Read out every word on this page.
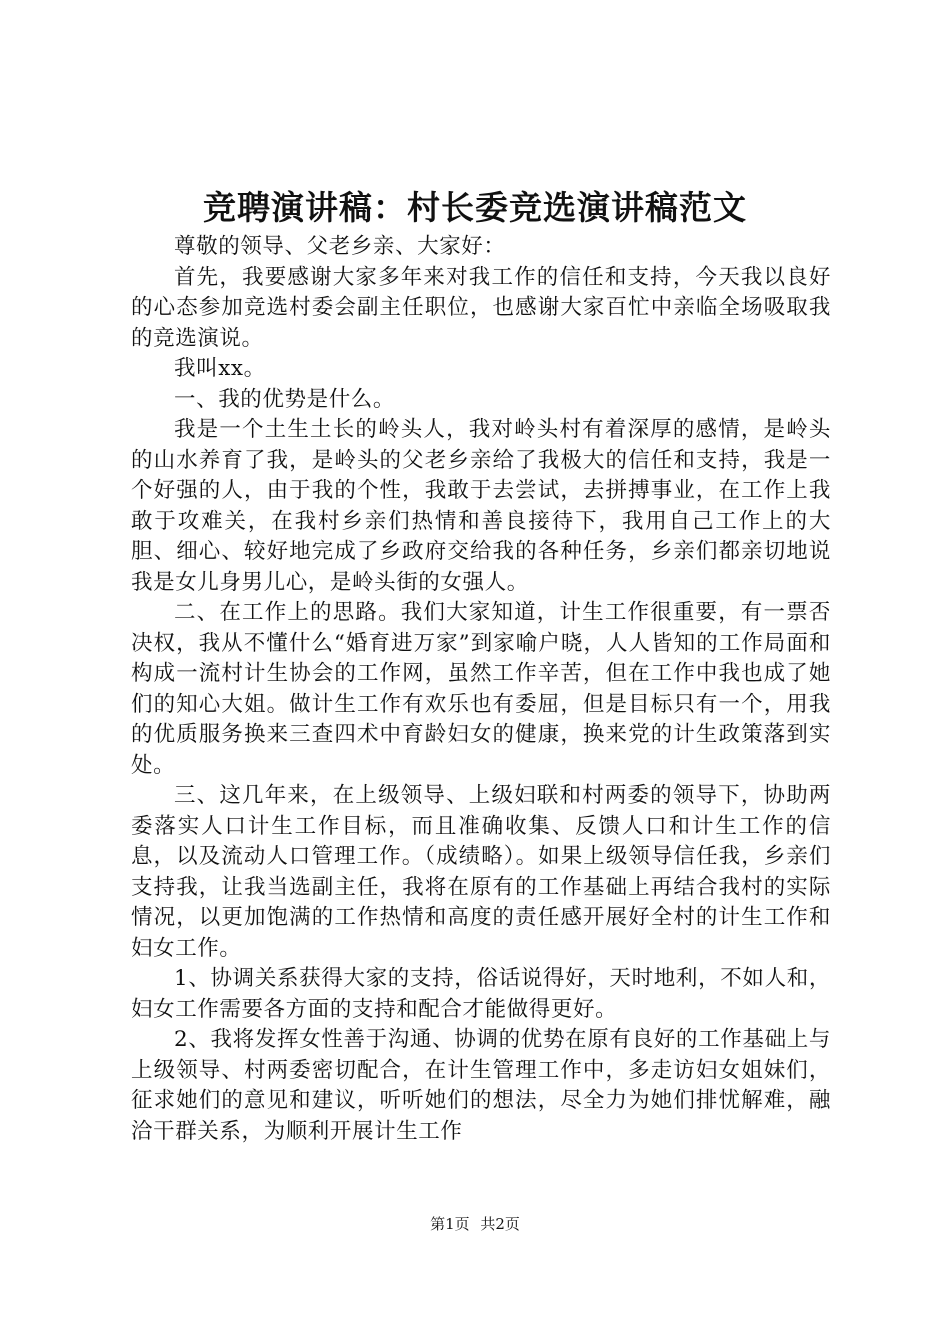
竞聘演讲稿：村长委竞选演讲稿范文

尊敬的领导、父老乡亲、大家好：

首先，我要感谢大家多年来对我工作的信任和支持，今天我以良好的心态参加竞选村委会副主任职位，也感谢大家百忙中亲临全场吸取我的竞选演说。

我叫xx。

一、我的优势是什么。

我是一个土生土长的岭头人，我对岭头村有着深厚的感情，是岭头的山水养育了我，是岭头的父老乡亲给了我极大的信任和支持，我是一个好强的人，由于我的个性，我敢于去尝试，去拼搏事业，在工作上我敢于攻难关，在我村乡亲们热情和善良接待下，我用自己工作上的大胆、细心、较好地完成了乡政府交给我的各种任务，乡亲们都亲切地说我是女儿身男儿心，是岭头街的女强人。

二、在工作上的思路。我们大家知道，计生工作很重要，有一票否决权，我从不懂什么“婚育进万家”到家喻户晓，人人皆知的工作局面和构成一流村计生协会的工作网，虽然工作辛苦，但在工作中我也成了她们的知心大姐。做计生工作有欢乐也有委屈，但是目标只有一个，用我的优质服务换来三查四术中育龄妇女的健康，换来党的计生政策落到实处。

三、这几年来，在上级领导、上级妇联和村两委的领导下，协助两委落实人口计生工作目标，而且准确收集、反馈人口和计生工作的信息，以及流动人口管理工作。（成绩略）。如果上级领导信任我，乡亲们支持我，让我当选副主任，我将在原有的工作基础上再结合我村的实际情况，以更加饱满的工作热情和高度的责任感开展好全村的计生工作和妇女工作。

1、协调关系获得大家的支持，俗话说得好，天时地利，不如人和，妇女工作需要各方面的支持和配合才能做得更好。

2、我将发挥女性善于沟通、协调的优势在原有良好的工作基础上与上级领导、村两委密切配合，在计生管理工作中，多走访妇女姐妹们，征求她们的意见和建议，听听她们的想法，尽全力为她们排忧解难，融洽干群关系，为顺利开展计生工作

第1页 共2页
